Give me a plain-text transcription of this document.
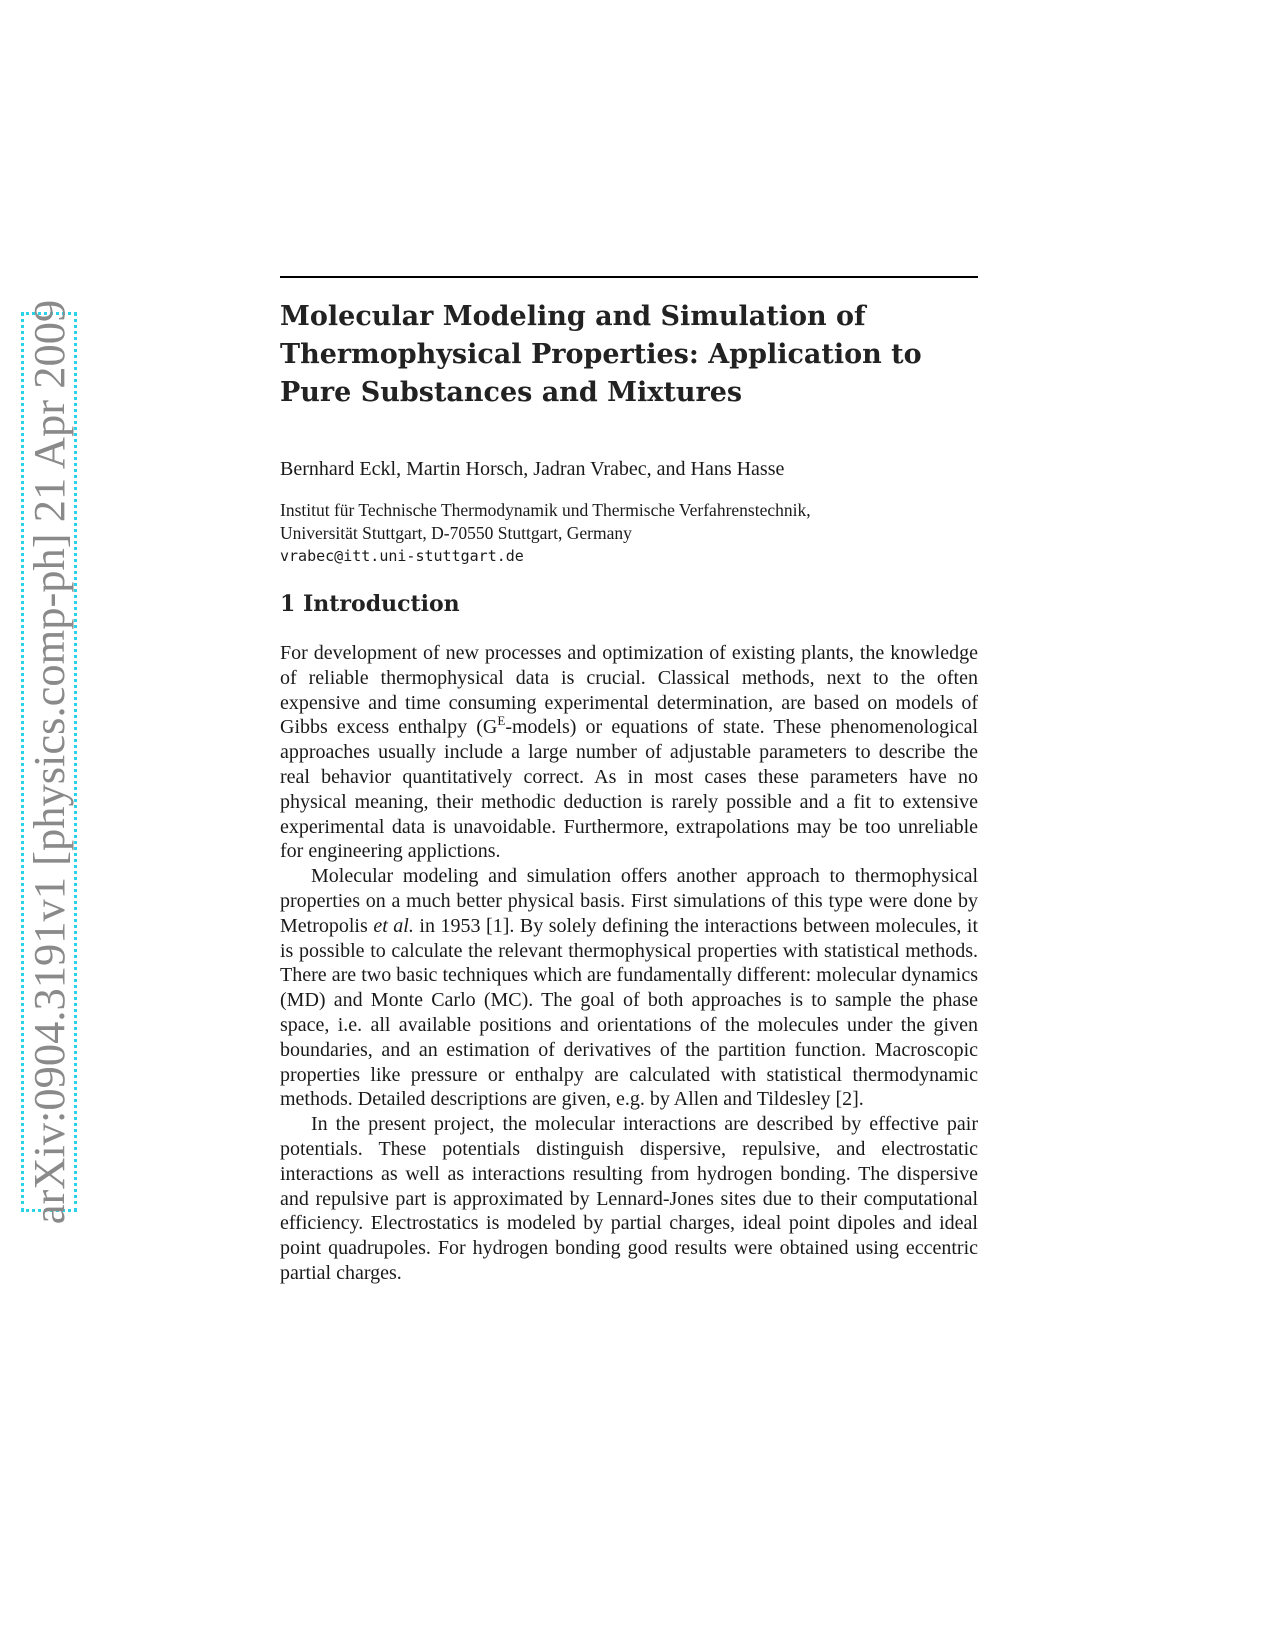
arXiv:0904.3191v1 [physics.comp-ph] 21 Apr 2009	Molecular Modeling and Simulation of
Thermophysical Properties: Application to
Pure Substances and Mixtures
Bernhard Eckl, Martin Horsch, Jadran Vrabec, and Hans Hasse
Institut für Technische Thermodynamik und Thermische Verfahrenstechnik,
Universität Stuttgart, D-70550 Stuttgart, Germany
vrabec@itt.uni-stuttgart.de
1 Introduction

For development of new processes and optimization of existing plants, the knowledge of reliable thermophysical data is crucial. Classical methods, next to the often expensive and time consuming experimental determination, are based on models of Gibbs excess enthalpy $(G^E-models)$ or equations of state. These phenomenological approaches usually include a large number of adjustable parameters to describe the real behavior quantitatively correct. As in most cases these parameters have no physical meaning, their methodic deduction is rarely possible and a fit to extensive experimental data is unavoidable. Furthermore, extrapolations may be too unreliable for engineering applictions.

Molecular modeling and simulation offers another approach to thermophysical properties on a much better physical basis. First simulations of this type were done by Metropolis et al. in 1953 [1]. By solely defining the interactions between molecules, it is possible to calculate the relevant thermophysical properties with statistical methods. There are two basic techniques which are fundamentally different: molecular dynamics (MD) and Monte Carlo (MC). The goal of both approaches is to sample the phase space, i.e. all available positions and orientations of the molecules under the given boundaries, and an estimation of derivatives of the partition function. Macroscopic properties like pressure or enthalpy are calculated with statistical thermodynamic methods. Detailed descriptions are given, e.g. by Allen and Tildesley [2].

In the present project, the molecular interactions are described by effective pair potentials. These potentials distinguish dispersive, repulsive, and electrostatic interactions as well as interactions resulting from hydrogen bonding. The dispersive and repulsive part is approximated by Lennard-Jones sites due to their computational efficiency. Electrostatics is modeled by partial charges, ideal point dipoles and ideal point quadrupoles. For hydrogen bonding good results were obtained using eccentric partial charges.
